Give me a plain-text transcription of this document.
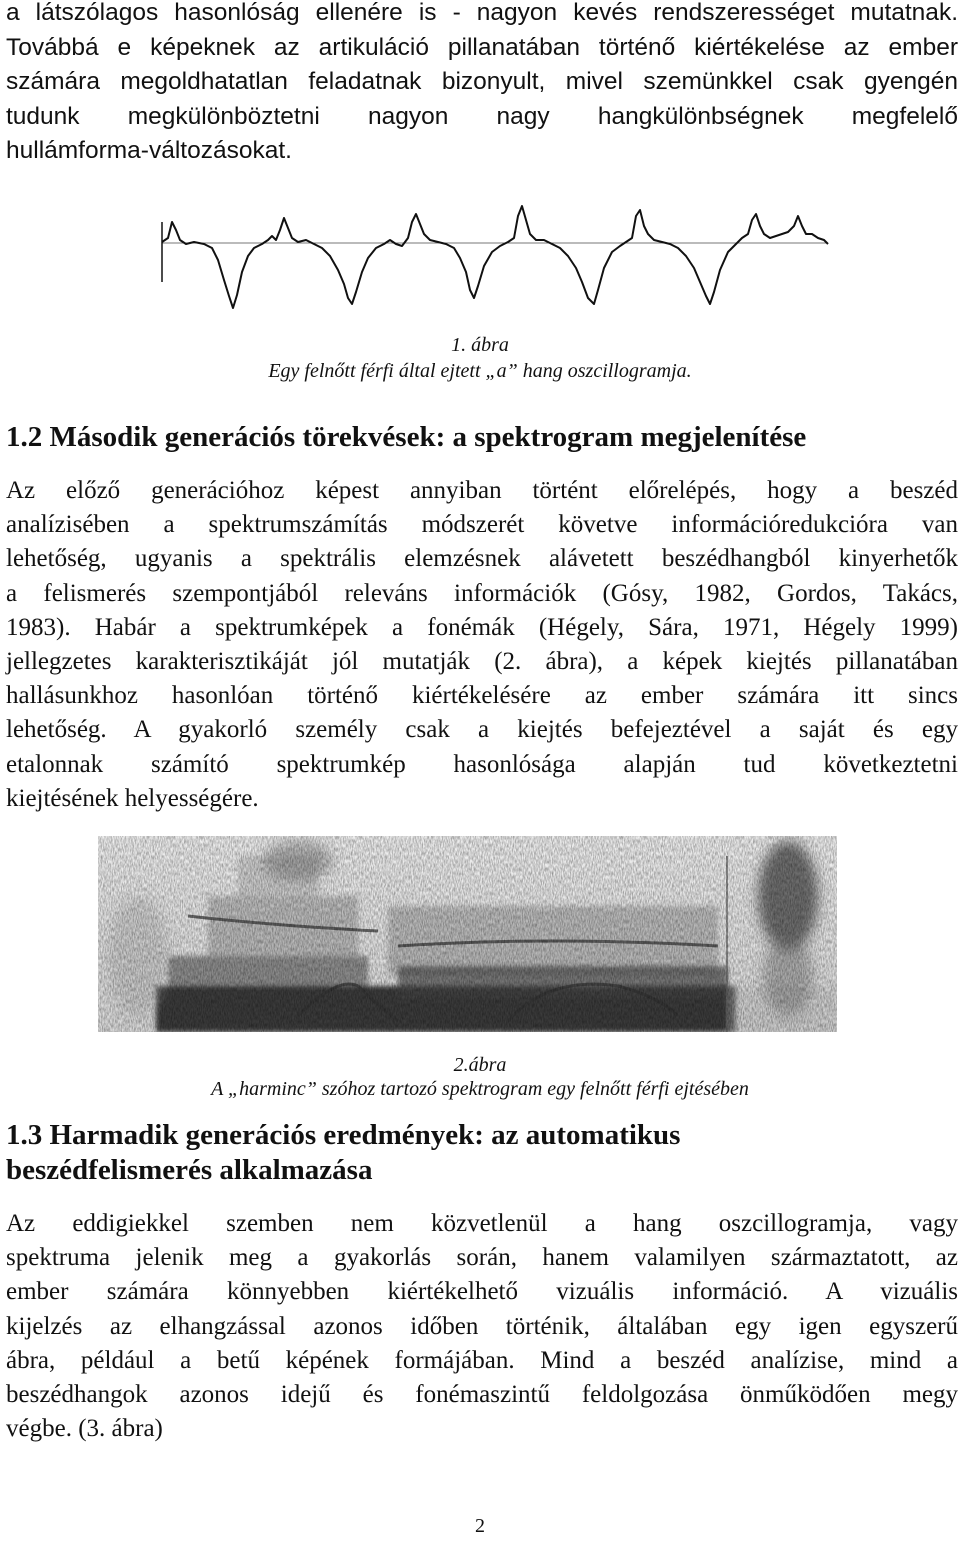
a látszólagos hasonlóság ellenére is - nagyon kevés rendszerességet mutatnak.
Továbbá e képeknek az artikuláció pillanatában történő kiértékelése az ember
számára megoldhatatlan feladatnak bizonyult, mivel szemünkkel csak gyengén
tudunk megkülönböztetni nagyon nagy hangkülönbségnek megfelelő
hullámforma-változásokat.
1. ábra
Egy felnőtt férfi által ejtett „a” hang oszcillogramja.
1.2 Második generációs törekvések: a spektrogram megjelenítése
Az előző generációhoz képest annyiban történt előrelépés, hogy a beszéd
analízisében a spektrumszámítás módszerét követve információredukcióra van
lehetőség, ugyanis a spektrális elemzésnek alávetett beszédhangból kinyerhetők
a felismerés szempontjából releváns információk (Gósy, 1982, Gordos, Takács,
1983). Habár a spektrumképek a fonémák (Hégely, Sára, 1971, Hégely 1999)
jellegzetes karakterisztikáját jól mutatják (2. ábra), a képek kiejtés pillanatában
hallásunkhoz hasonlóan történő kiértékelésére az ember számára itt sincs
lehetőség. A gyakorló személy csak a kiejtés befejeztével a saját és egy
etalonnak számító spektrumkép hasonlósága alapján tud következtetni
kiejtésének helyességére.
2.ábra
A „harminc” szóhoz tartozó spektrogram egy felnőtt férfi ejtésében
1.3 Harmadik generációs eredmények: az automatikus
beszédfelismerés alkalmazása
Az eddigiekkel szemben nem közvetlenül a hang oszcillogramja, vagy
spektruma jelenik meg a gyakorlás során, hanem valamilyen származtatott, az
ember számára könnyebben kiértékelhető vizuális információ. A vizuális
kijelzés az elhangzással azonos időben történik, általában egy igen egyszerű
ábra, például a betű képének formájában. Mind a beszéd analízise, mind a
beszédhangok azonos idejű és fonémaszintű feldolgozása önműködően megy
végbe. (3. ábra)
2
